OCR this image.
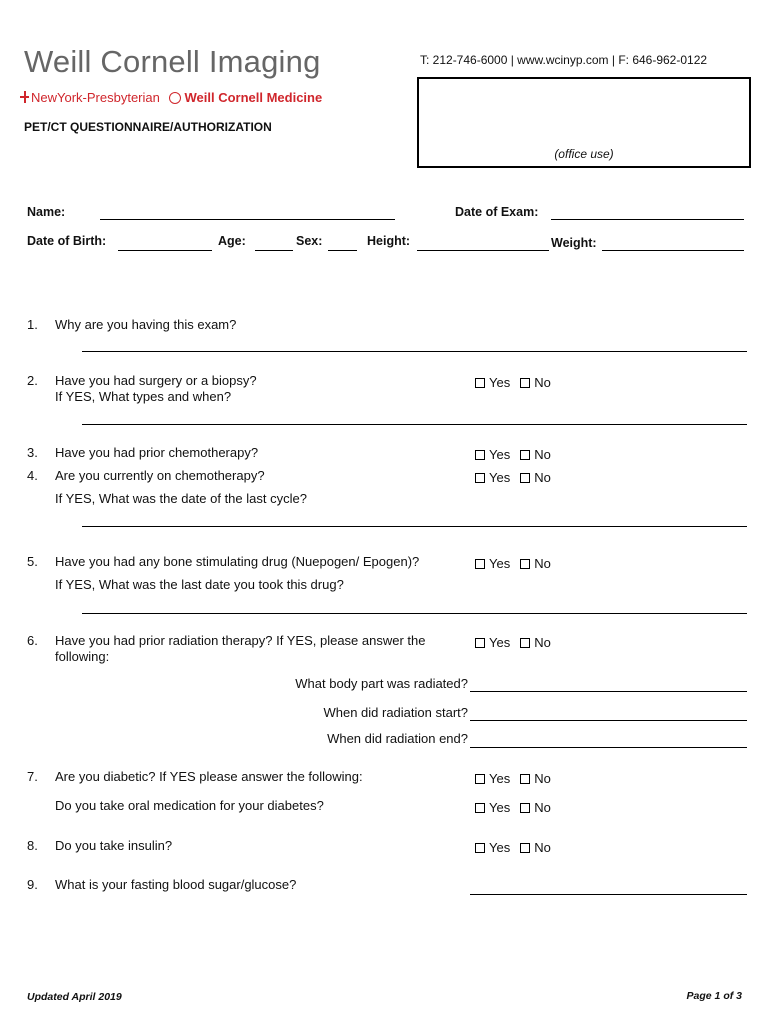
Weill Cornell Imaging
NewYork-Presbyterian Weill Cornell Medicine
T: 212-746-6000 | www.wcinyp.com | F: 646-962-0122
PET/CT QUESTIONNAIRE/AUTHORIZATION
(office use)
Name:	Date of Exam:
Date of Birth:	Age:	Sex:	Height:	Weight:
1. Why are you having this exam?
2. Have you had surgery or a biopsy?
If YES, What types and when?
Yes No
3. Have you had prior chemotherapy?	Yes No
4. Are you currently on chemotherapy?	Yes No
If YES, What was the date of the last cycle?
5. Have you had any bone stimulating drug (Nuepogen/ Epogen)?	Yes No
If YES, What was the last date you took this drug?
6. Have you had prior radiation therapy? If YES, please answer the following:
Yes No
What body part was radiated?
When did radiation start?
When did radiation end?
7. Are you diabetic? If YES please answer the following:	Yes No
Do you take oral medication for your diabetes?	Yes No
8. Do you take insulin?	Yes No
9. What is your fasting blood sugar/glucose?
Updated April 2019	Page 1 of 3
